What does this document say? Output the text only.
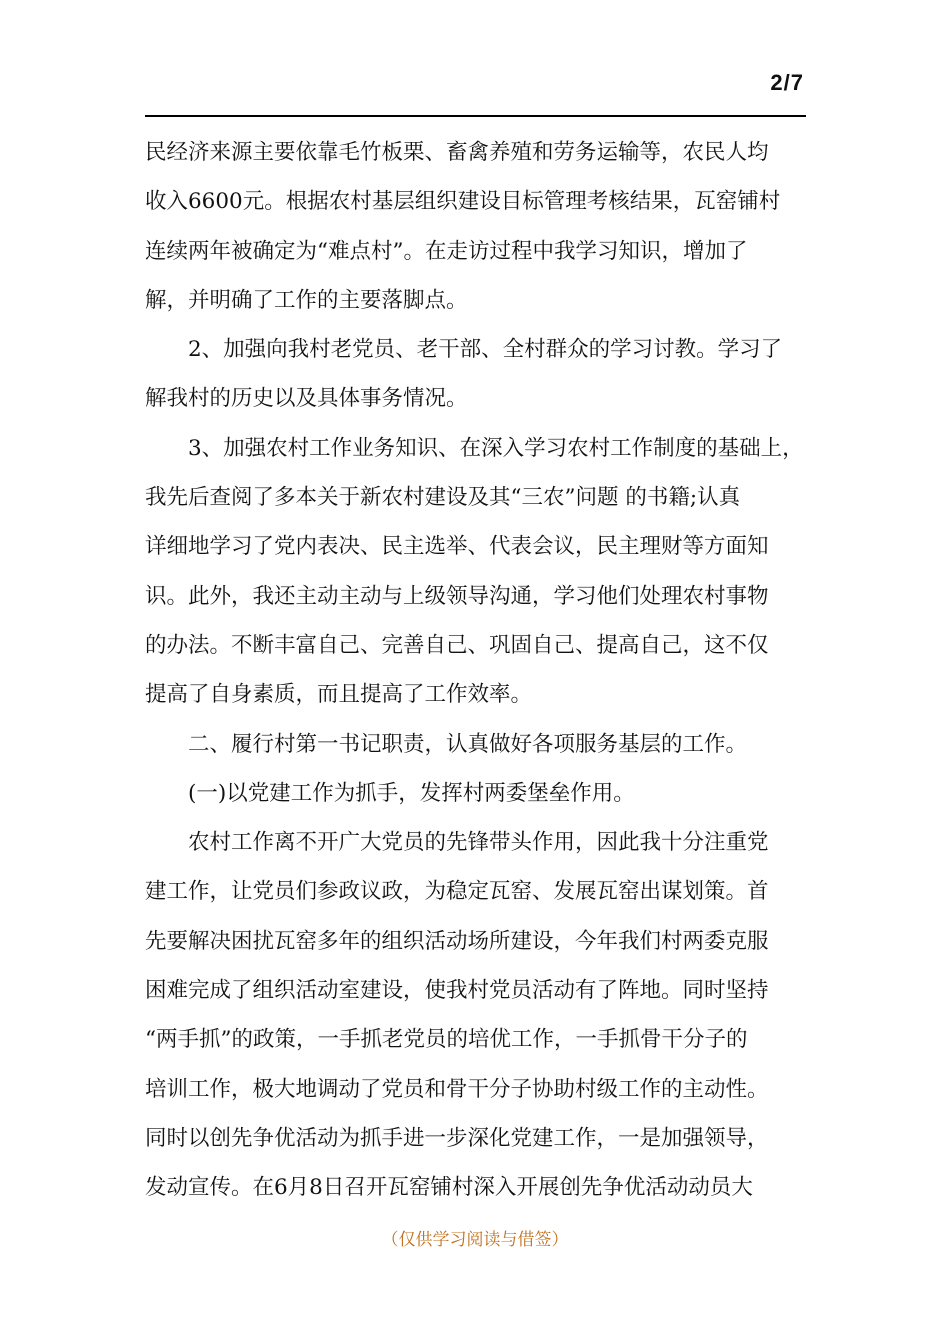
2/7
民经济来源主要依靠毛竹板栗、畜禽养殖和劳务运输等，农民人均
收入6600元。根据农村基层组织建设目标管理考核结果，瓦窑铺村
连续两年被确定为“难点村”。在走访过程中我学习知识，增加了
解，并明确了工作的主要落脚点。
2、加强向我村老党员、老干部、全村群众的学习讨教。学习了
解我村的历史以及具体事务情况。
3、加强农村工作业务知识、在深入学习农村工作制度的基础上，
我先后查阅了多本关于新农村建设及其“三农”问题 的书籍;认真
详细地学习了党内表决、民主选举、代表会议，民主理财等方面知
识。此外，我还主动主动与上级领导沟通，学习他们处理农村事物
的办法。不断丰富自己、完善自己、巩固自己、提高自己，这不仅
提高了自身素质，而且提高了工作效率。
二、履行村第一书记职责，认真做好各项服务基层的工作。
(一)以党建工作为抓手，发挥村两委堡垒作用。
农村工作离不开广大党员的先锋带头作用，因此我十分注重党
建工作，让党员们参政议政，为稳定瓦窑、发展瓦窑出谋划策。首
先要解决困扰瓦窑多年的组织活动场所建设，今年我们村两委克服
困难完成了组织活动室建设，使我村党员活动有了阵地。同时坚持
“两手抓”的政策，一手抓老党员的培优工作，一手抓骨干分子的
培训工作，极大地调动了党员和骨干分子协助村级工作的主动性。
同时以创先争优活动为抓手进一步深化党建工作，一是加强领导，
发动宣传。在6月8日召开瓦窑铺村深入开展创先争优活动动员大
（仅供学习阅读与借签）
